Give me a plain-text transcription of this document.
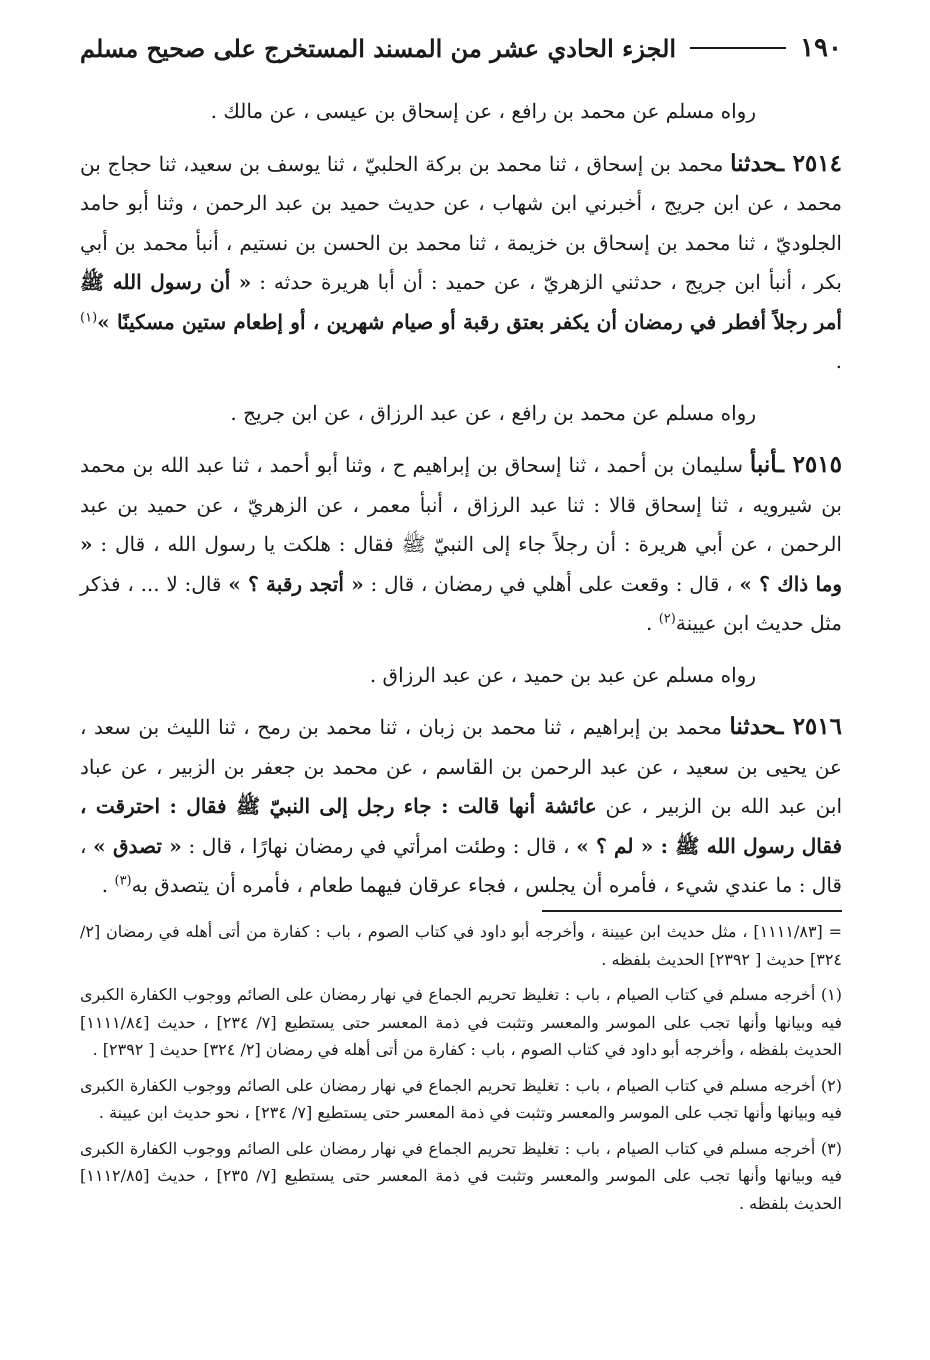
١٩٠
الجزء الحادي عشر من المسند المستخرج على صحيح مسلم

رواه مسلم عن محمد بن رافع ، عن إسحاق بن عيسى ، عن مالك .

٢٥١٤ ـحدثنا محمد بن إسحاق ، ثنا محمد بن بركة الحلبيّ ، ثنا يوسف بن سعيد، ثنا حجاج بن محمد ، عن ابن جريج ، أخبرني ابن شهاب ، عن حديث حميد بن عبد الرحمن ، وثنا أبو حامد الجلوديّ ، ثنا محمد بن إسحاق بن خزيمة ، ثنا محمد بن الحسن بن نستيم ، أنبأ محمد بن أبي بكر ، أنبأ ابن جريج ، حدثني الزهريّ ، عن حميد : أن أبا هريرة حدثه : « أن رسول الله ﷺ أمر رجلاً أفطر في رمضان أن يكفر بعتق رقبة أو صيام شهرين ، أو إطعام ستين مسكينًا »$^{(١)}$ .

رواه مسلم عن محمد بن رافع ، عن عبد الرزاق ، عن ابن جريج .

٢٥١٥ ـأنبأ سليمان بن أحمد ، ثنا إسحاق بن إبراهيم ح ، وثنا أبو أحمد ، ثنا عبد الله بن محمد بن شيرويه ، ثنا إسحاق قالا : ثنا عبد الرزاق ، أنبأ معمر ، عن الزهريّ ، عن حميد بن عبد الرحمن ، عن أبي هريرة : أن رجلاً جاء إلى النبيّ ﷺ فقال : هلكت يا رسول الله ، قال : « وما ذاك ؟ » ، قال : وقعت على أهلي في رمضان ، قال : « أتجد رقبة ؟ » قال: لا ... ، فذكر مثل حديث ابن عيينة$^{(٢)}$ .

رواه مسلم عن عبد بن حميد ، عن عبد الرزاق .

٢٥١٦ ـحدثنا محمد بن إبراهيم ، ثنا محمد بن زبان ، ثنا محمد بن رمح ، ثنا الليث بن سعد ، عن يحيى بن سعيد ، عن عبد الرحمن بن القاسم ، عن محمد بن جعفر بن الزبير ، عن عباد ابن عبد الله بن الزبير ، عن عائشة أنها قالت : جاء رجل إلى النبيّ ﷺ فقال : احترقت ، فقال رسول الله ﷺ : « لم ؟ » ، قال : وطئت امرأتي في رمضان نهارًا ، قال : « تصدق » ، قال : ما عندي شيء ، فأمره أن يجلس ، فجاء عرقان فيهما طعام ، فأمره أن يتصدق به$^{(٣)}$ .

= [١١١١/٨٣] ، مثل حديث ابن عيينة ، وأخرجه أبو داود في كتاب الصوم ، باب : كفارة من أتى أهله في رمضان [٢/ ٣٢٤] حديث [ ٢٣٩٢] الحديث بلفظه .

(١) أخرجه مسلم في كتاب الصيام ، باب : تغليظ تحريم الجماع في نهار رمضان على الصائم ووجوب الكفارة الكبرى فيه وبيانها وأنها تجب على الموسر والمعسر وتثبت في ذمة المعسر حتى يستطيع [٧/ ٢٣٤] ، حديث [١١١١/٨٤] الحديث بلفظه ، وأخرجه أبو داود في كتاب الصوم ، باب : كفارة من أتى أهله في رمضان [٢/ ٣٢٤] حديث [ ٢٣٩٢] .

(٢) أخرجه مسلم في كتاب الصيام ، باب : تغليظ تحريم الجماع في نهار رمضان على الصائم ووجوب الكفارة الكبرى فيه وبيانها وأنها تجب على الموسر والمعسر وتثبت في ذمة المعسر حتى يستطيع [٧/ ٢٣٤] ، نحو حديث ابن عيينة .

(٣) أخرجه مسلم في كتاب الصيام ، باب : تغليظ تحريم الجماع في نهار رمضان على الصائم ووجوب الكفارة الكبرى فيه وبيانها وأنها تجب على الموسر والمعسر وتثبت في ذمة المعسر حتى يستطيع [٧/ ٢٣٥] ، حديث [١١١٢/٨٥] الحديث بلفظه .
